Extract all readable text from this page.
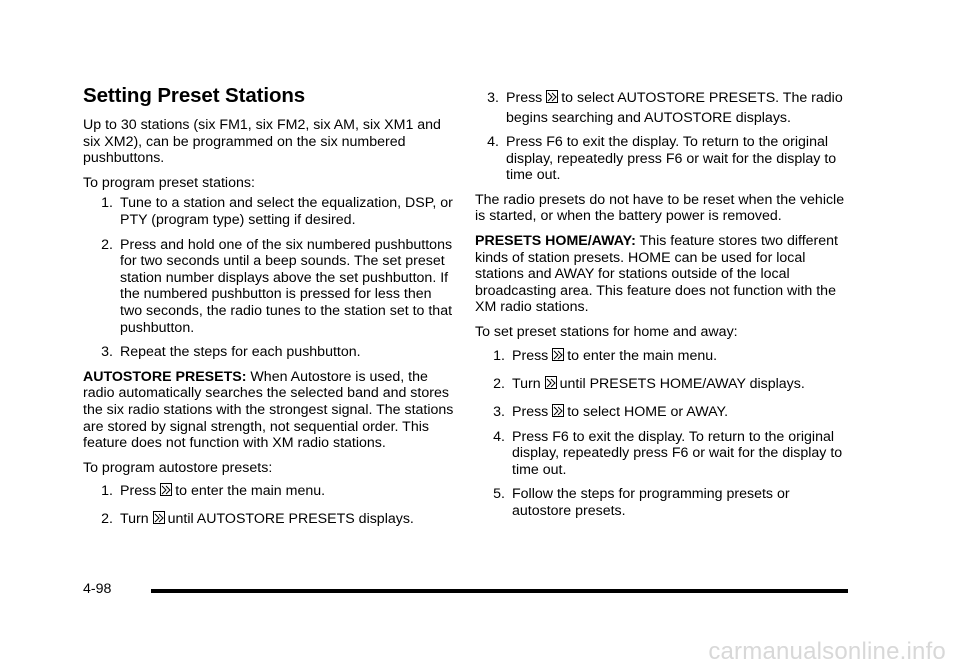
Setting Preset Stations

Up to 30 stations (six FM1, six FM2, six AM, six XM1 and six XM2), can be programmed on the six numbered pushbuttons.

To program preset stations:

1. Tune to a station and select the equalization, DSP, or PTY (program type) setting if desired.
2. Press and hold one of the six numbered pushbuttons for two seconds until a beep sounds. The set preset station number displays above the set pushbutton. If the numbered pushbutton is pressed for less then two seconds, the radio tunes to the station set to that pushbutton.
3. Repeat the steps for each pushbutton.

AUTOSTORE PRESETS: When Autostore is used, the radio automatically searches the selected band and stores the six radio stations with the strongest signal. The stations are stored by signal strength, not sequential order. This feature does not function with XM radio stations.

To program autostore presets:

1. Press to enter the main menu.
2. Turn until AUTOSTORE PRESETS displays.
3. Press to select AUTOSTORE PRESETS. The radio begins searching and AUTOSTORE displays.
4. Press F6 to exit the display. To return to the original display, repeatedly press F6 or wait for the display to time out.

The radio presets do not have to be reset when the vehicle is started, or when the battery power is removed.

PRESETS HOME/AWAY: This feature stores two different kinds of station presets. HOME can be used for local stations and AWAY for stations outside of the local broadcasting area. This feature does not function with the XM radio stations.

To set preset stations for home and away:

1. Press to enter the main menu.
2. Turn until PRESETS HOME/AWAY displays.
3. Press to select HOME or AWAY.
4. Press F6 to exit the display. To return to the original display, repeatedly press F6 or wait for the display to time out.
5. Follow the steps for programming presets or autostore presets.
4-98
carmanualsonline.info
